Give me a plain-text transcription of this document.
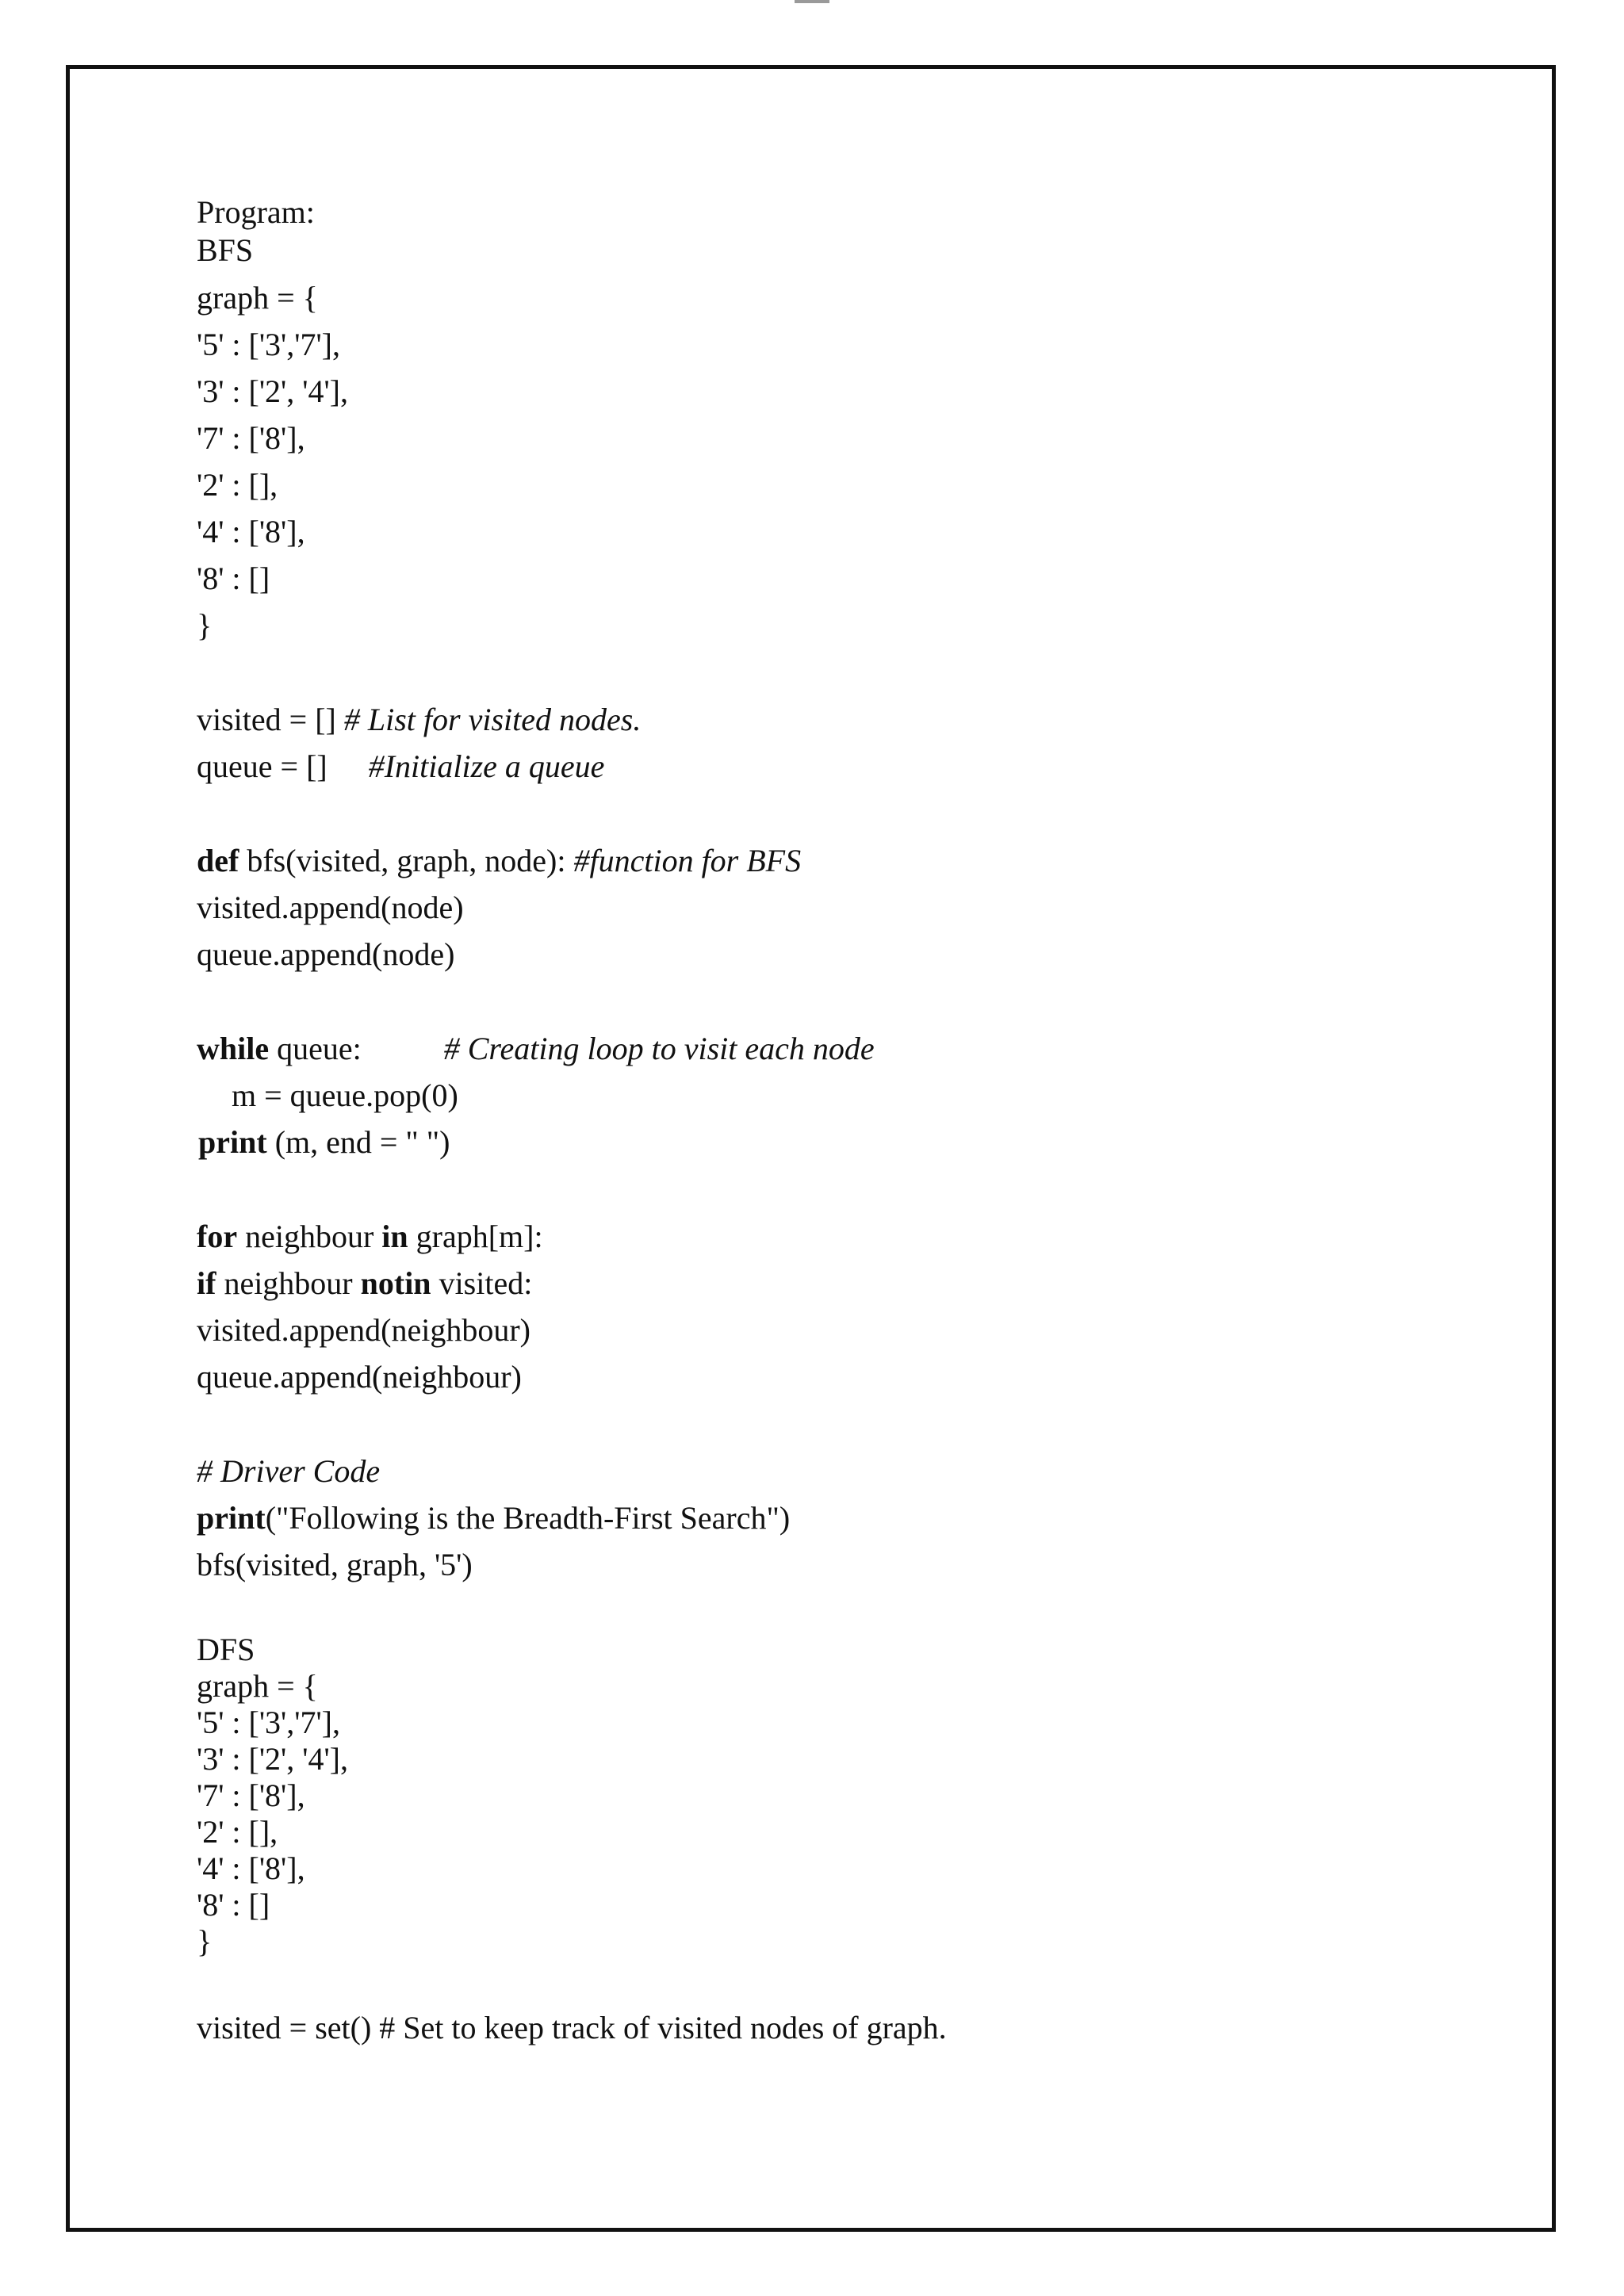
Program:
BFS
graph = {
'5' : ['3','7'],
'3' : ['2', '4'],
'7' : ['8'],
'2' : [],
'4' : ['8'],
'8' : []
}
visited = [] # List for visited nodes.
queue = [] #Initialize a queue
def bfs(visited, graph, node): #function for BFS
visited.append(node)
queue.append(node)
while queue:	# Creating loop to visit each node
m = queue.pop(0)
print (m, end = " ")
for neighbour in graph[m]:
if neighbour notin visited:
visited.append(neighbour)
queue.append(neighbour)
# Driver Code
print("Following is the Breadth-First Search")
bfs(visited, graph, '5')
DFS
graph = {
'5' : ['3','7'],
'3' : ['2', '4'],
'7' : ['8'],
'2' : [],
'4' : ['8'],
'8' : []
}
visited = set() # Set to keep track of visited nodes of graph.
